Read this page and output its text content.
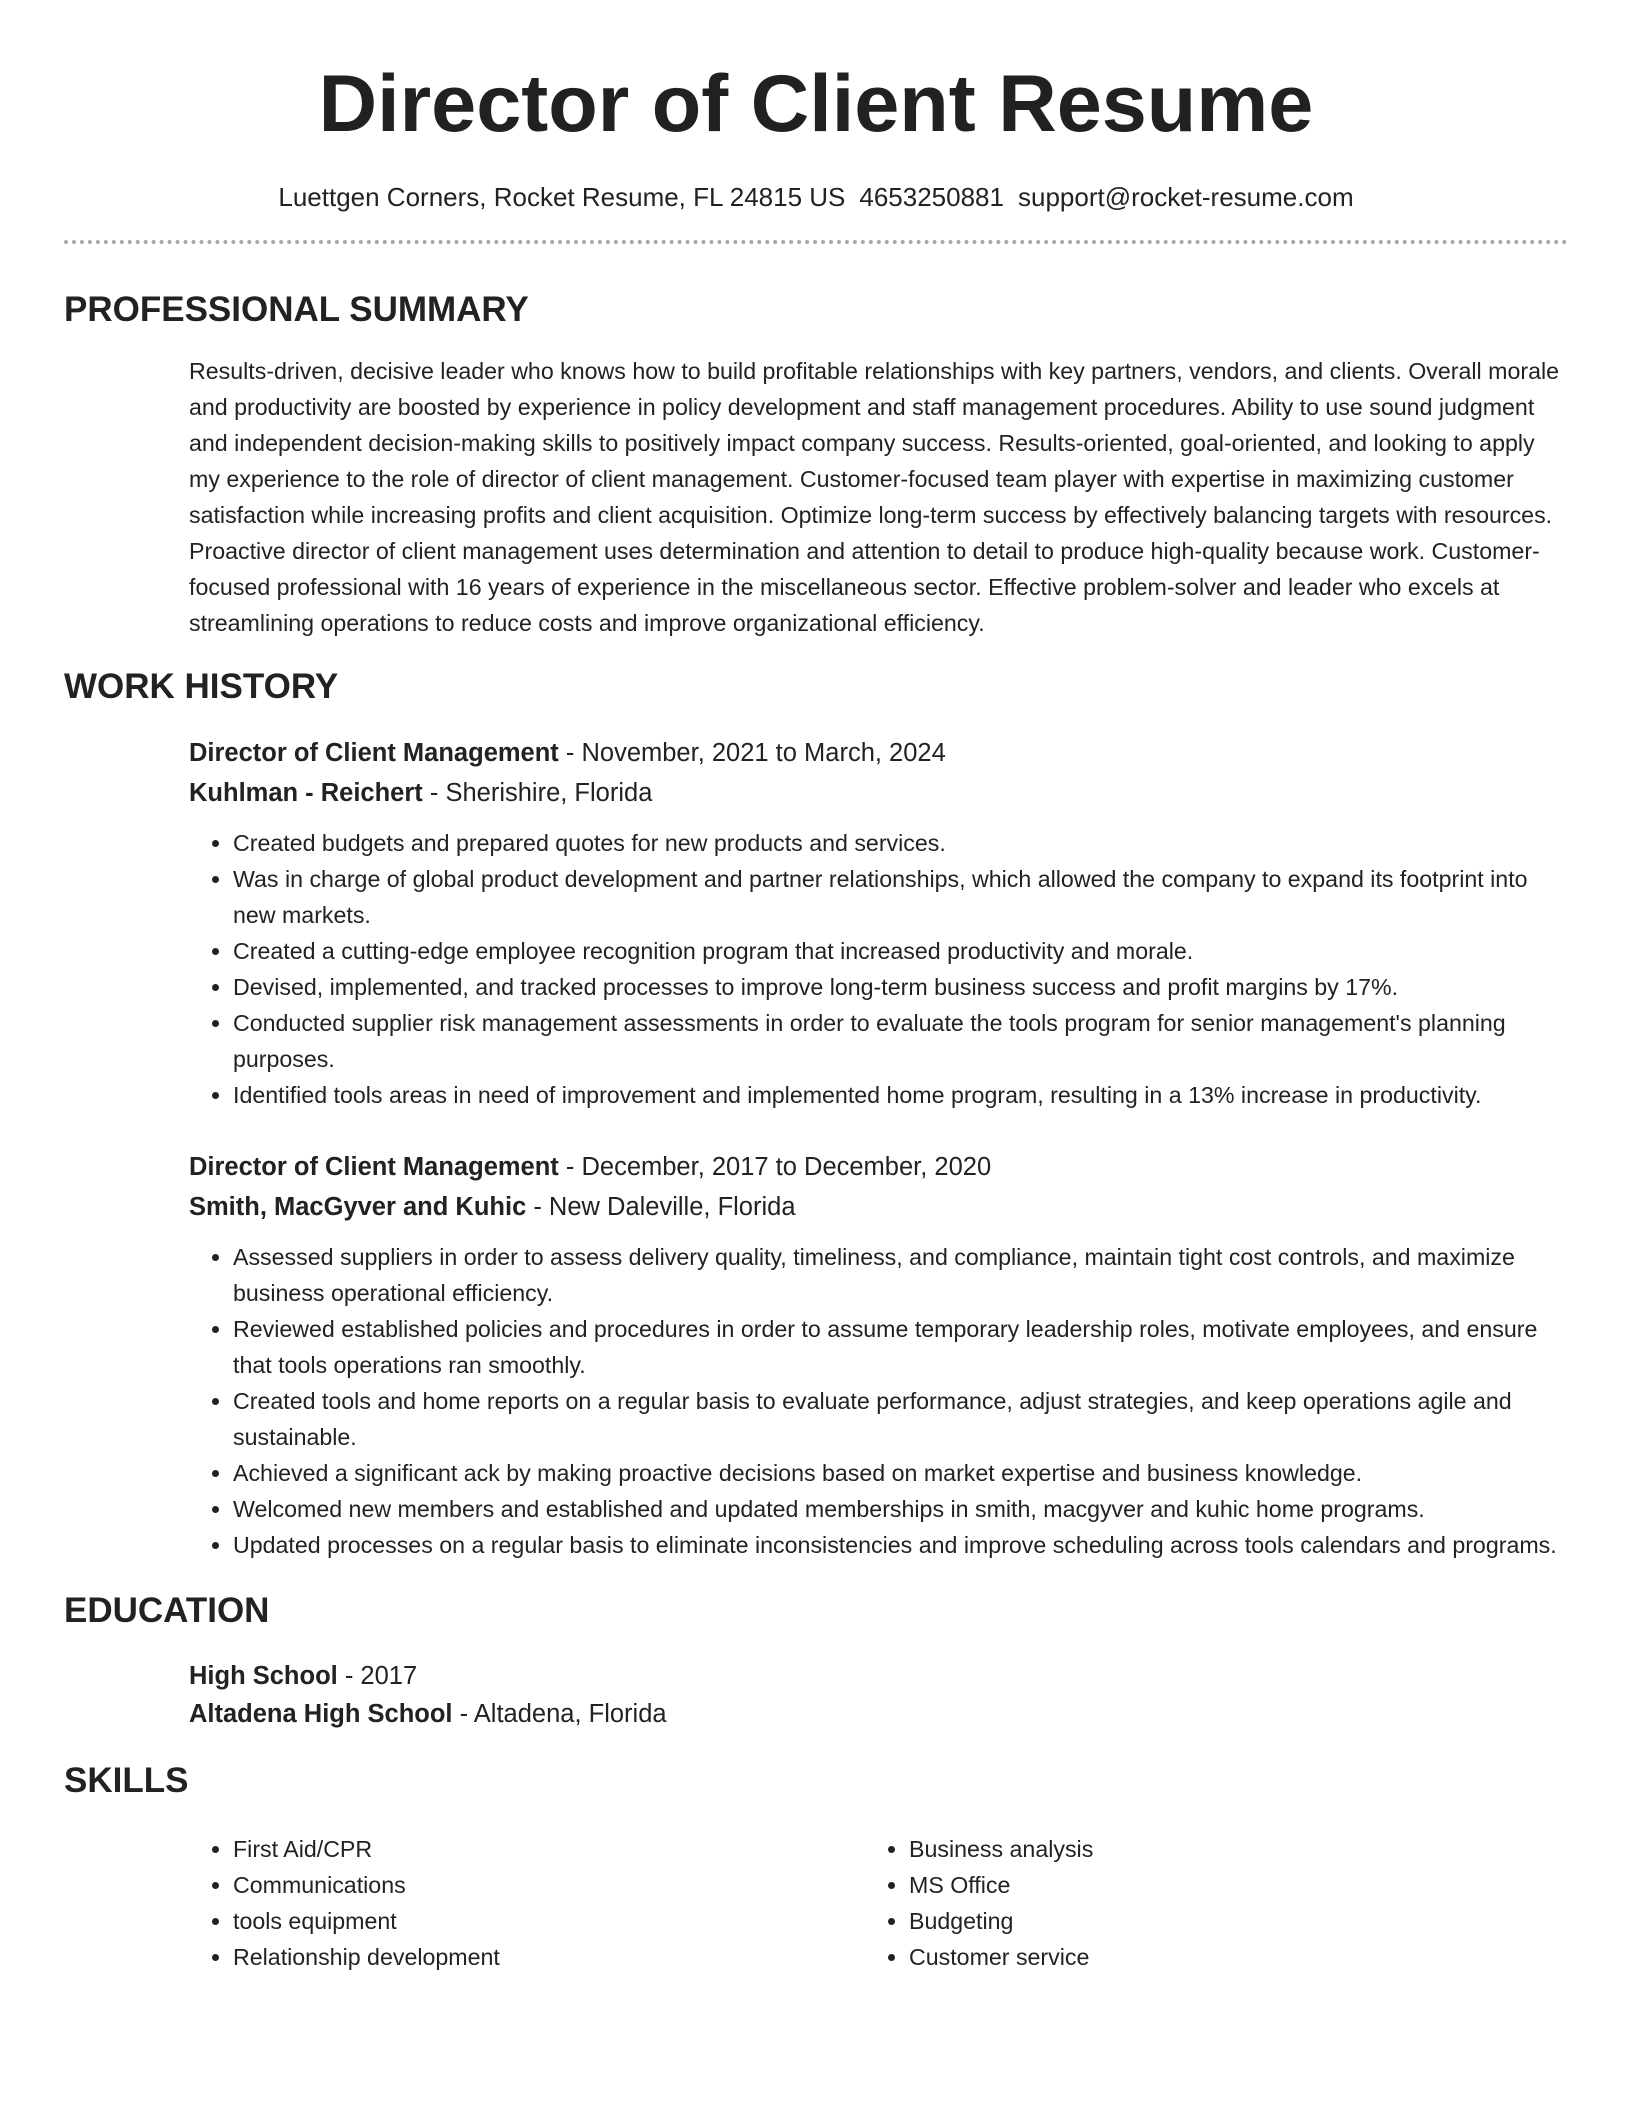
Director of Client Resume
Luettgen Corners, Rocket Resume, FL 24815 US 4653250881 support@rocket-resume.com
PROFESSIONAL SUMMARY
Results-driven, decisive leader who knows how to build profitable relationships with key partners, vendors, and clients. Overall morale and productivity are boosted by experience in policy development and staff management procedures. Ability to use sound judgment and independent decision-making skills to positively impact company success. Results-oriented, goal-oriented, and looking to apply my experience to the role of director of client management. Customer-focused team player with expertise in maximizing customer satisfaction while increasing profits and client acquisition. Optimize long-term success by effectively balancing targets with resources. Proactive director of client management uses determination and attention to detail to produce high-quality because work. Customer-focused professional with 16 years of experience in the miscellaneous sector. Effective problem-solver and leader who excels at streamlining operations to reduce costs and improve organizational efficiency.
WORK HISTORY
Director of Client Management - November, 2021 to March, 2024
Kuhlman - Reichert - Sherishire, Florida
• Created budgets and prepared quotes for new products and services.
• Was in charge of global product development and partner relationships, which allowed the company to expand its footprint into new markets.
• Created a cutting-edge employee recognition program that increased productivity and morale.
• Devised, implemented, and tracked processes to improve long-term business success and profit margins by 17%.
• Conducted supplier risk management assessments in order to evaluate the tools program for senior management's planning purposes.
• Identified tools areas in need of improvement and implemented home program, resulting in a 13% increase in productivity.
Director of Client Management - December, 2017 to December, 2020
Smith, MacGyver and Kuhic - New Daleville, Florida
• Assessed suppliers in order to assess delivery quality, timeliness, and compliance, maintain tight cost controls, and maximize business operational efficiency.
• Reviewed established policies and procedures in order to assume temporary leadership roles, motivate employees, and ensure that tools operations ran smoothly.
• Created tools and home reports on a regular basis to evaluate performance, adjust strategies, and keep operations agile and sustainable.
• Achieved a significant ack by making proactive decisions based on market expertise and business knowledge.
• Welcomed new members and established and updated memberships in smith, macgyver and kuhic home programs.
• Updated processes on a regular basis to eliminate inconsistencies and improve scheduling across tools calendars and programs.
EDUCATION
High School - 2017
Altadena High School - Altadena, Florida
SKILLS
• First Aid/CPR
• Communications
• tools equipment
• Relationship development
• Business analysis
• MS Office
• Budgeting
• Customer service
